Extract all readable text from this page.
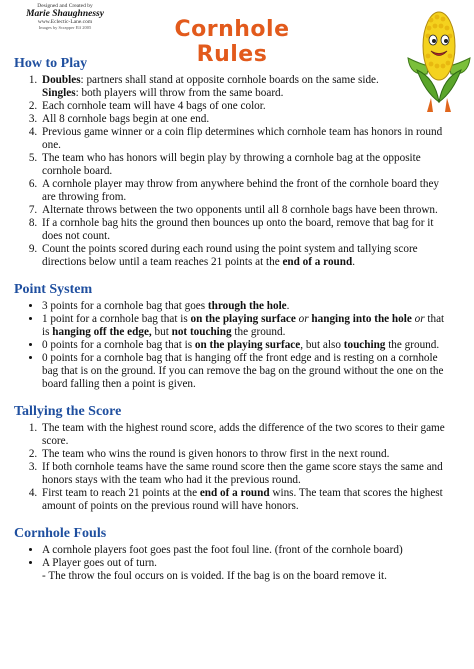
Designed and Created by
Marie Shaughnessy
www.Eclectic-Lane.com
Images by Scrapper Elf 2005	Cornhole Rules
How to Play
1. Doubles: partners shall stand at opposite cornhole boards on the same side.
Singles: both players will throw from the same board.
2. Each cornhole team will have 4 bags of one color.
3. All 8 cornhole bags begin at one end.
4. Previous game winner or a coin flip determines which cornhole team has honors in round one.
5. The team who has honors will begin play by throwing a cornhole bag at the opposite cornhole board.
6. A cornhole player may throw from anywhere behind the front of the cornhole board they are throwing from.
7. Alternate throws between the two opponents until all 8 cornhole bags have been thrown.
8. If a cornhole bag hits the ground then bounces up onto the board, remove that bag for it does not count.
9. Count the points scored during each round using the point system and tallying score directions below until a team reaches 21 points at the end of a round.
Point System
• 3 points for a cornhole bag that goes through the hole.
• 1 point for a cornhole bag that is on the playing surface or hanging into the hole or that is hanging off the edge, but not touching the ground.
• 0 points for a cornhole bag that is on the playing surface, but also touching the ground.
• 0 points for a cornhole bag that is hanging off the front edge and is resting on a cornhole bag that is on the ground. If you can remove the bag on the ground without the one on the board falling then a point is given.
Tallying the Score
1. The team with the highest round score, adds the difference of the two scores to their game score.
2. The team who wins the round is given honors to throw first in the next round.
3. If both cornhole teams have the same round score then the game score stays the same and honors stays with the team who had it the previous round.
4. First team to reach 21 points at the end of a round wins. The team that scores the highest amount of points on the previous round will have honors.
Cornhole Fouls
• A cornhole players foot goes past the foot foul line. (front of the cornhole board)
• A Player goes out of turn.
- The throw the foul occurs on is voided. If the bag is on the board remove it.
